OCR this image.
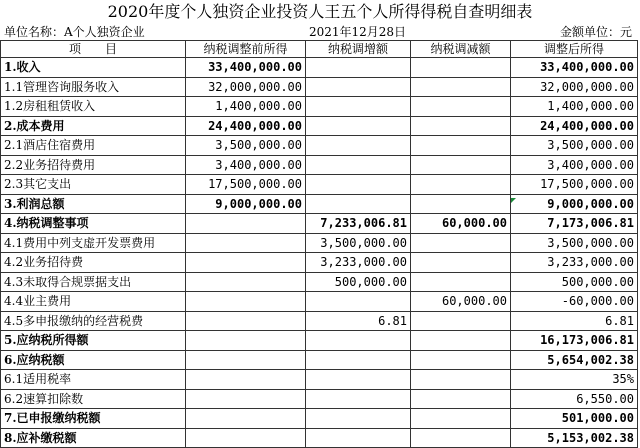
2020年度个人独资企业投资人王五个人所得得税自查明细表
单位名称：A个人独资企业	2021年12月28日	金额单位：元
项　　目	纳税调整前所得	纳税调增额	纳税调减额	调整后所得
1.收入	33,400,000.00			33,400,000.00
1.1管理咨询服务收入	32,000,000.00			32,000,000.00
1.2房租租赁收入	1,400,000.00			1,400,000.00
2.成本费用	24,400,000.00			24,400,000.00
2.1酒店住宿费用	3,500,000.00			3,500,000.00
2.2业务招待费用	3,400,000.00			3,400,000.00
2.3其它支出	17,500,000.00			17,500,000.00
3.利润总额	9,000,000.00			9,000,000.00
4.纳税调整事项		7,233,006.81	60,000.00	7,173,006.81
4.1费用中列支虚开发票费用		3,500,000.00		3,500,000.00
4.2业务招待费		3,233,000.00		3,233,000.00
4.3未取得合规票据支出		500,000.00		500,000.00
4.4业主费用			60,000.00	-60,000.00
4.5多申报缴纳的经营税费		6.81		6.81
5.应纳税所得额				16,173,006.81
6.应纳税额				5,654,002.38
6.1适用税率				35%
6.2速算扣除数				6,550.00
7.已申报缴纳税额				501,000.00
8.应补缴税额				5,153,002.38
